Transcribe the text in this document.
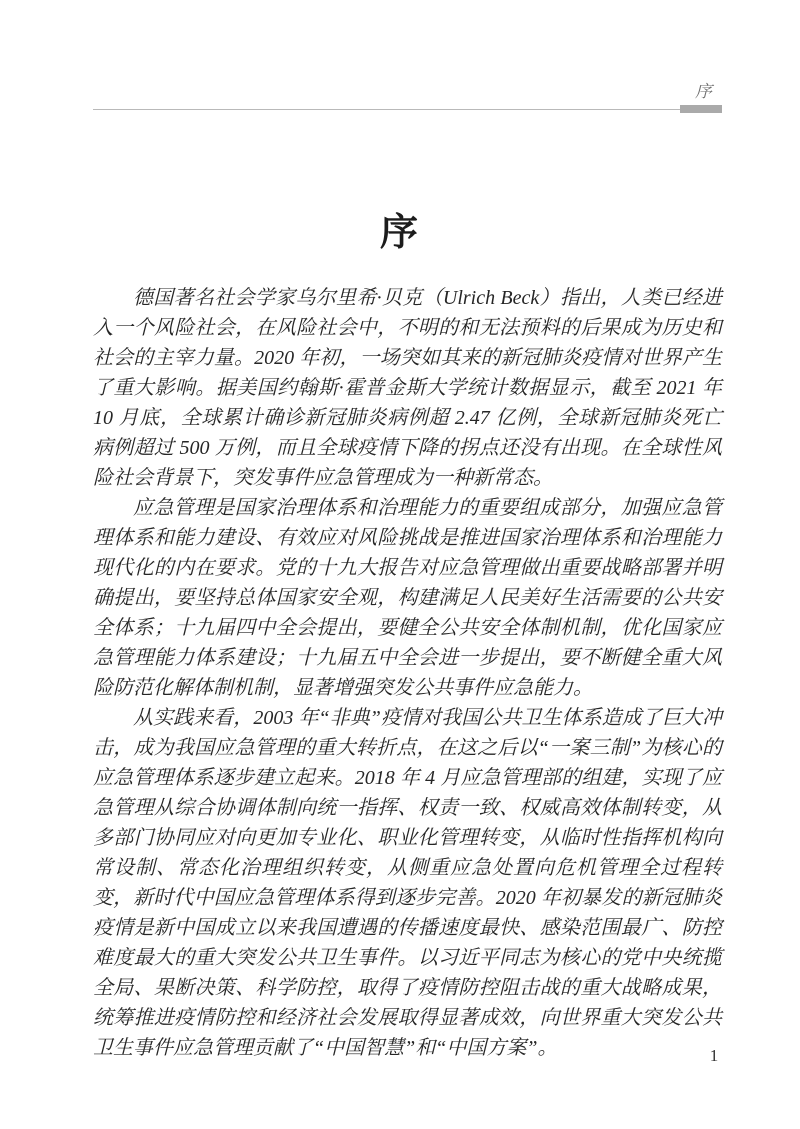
序
序

德国著名社会学家乌尔里希·贝克（Ulrich Beck）指出，人类已经进入一个风险社会，在风险社会中，不明的和无法预料的后果成为历史和社会的主宰力量。2020 年初，一场突如其来的新冠肺炎疫情对世界产生了重大影响。据美国约翰斯·霍普金斯大学统计数据显示，截至 2021 年 10 月底，全球累计确诊新冠肺炎病例超 2.47 亿例，全球新冠肺炎死亡病例超过 500 万例，而且全球疫情下降的拐点还没有出现。在全球性风险社会背景下，突发事件应急管理成为一种新常态。

应急管理是国家治理体系和治理能力的重要组成部分，加强应急管理体系和能力建设、有效应对风险挑战是推进国家治理体系和治理能力现代化的内在要求。党的十九大报告对应急管理做出重要战略部署并明确提出，要坚持总体国家安全观，构建满足人民美好生活需要的公共安全体系；十九届四中全会提出，要健全公共安全体制机制，优化国家应急管理能力体系建设；十九届五中全会进一步提出，要不断健全重大风险防范化解体制机制，显著增强突发公共事件应急能力。

从实践来看，2003 年“非典”疫情对我国公共卫生体系造成了巨大冲击，成为我国应急管理的重大转折点，在这之后以“一案三制”为核心的应急管理体系逐步建立起来。2018 年 4 月应急管理部的组建，实现了应急管理从综合协调体制向统一指挥、权责一致、权威高效体制转变，从多部门协同应对向更加专业化、职业化管理转变，从临时性指挥机构向常设制、常态化治理组织转变，从侧重应急处置向危机管理全过程转变，新时代中国应急管理体系得到逐步完善。2020 年初暴发的新冠肺炎疫情是新中国成立以来我国遭遇的传播速度最快、感染范围最广、防控难度最大的重大突发公共卫生事件。以习近平同志为核心的党中央统揽全局、果断决策、科学防控，取得了疫情防控阻击战的重大战略成果，统筹推进疫情防控和经济社会发展取得显著成效，向世界重大突发公共卫生事件应急管理贡献了“中国智慧”和“中国方案”。	1
